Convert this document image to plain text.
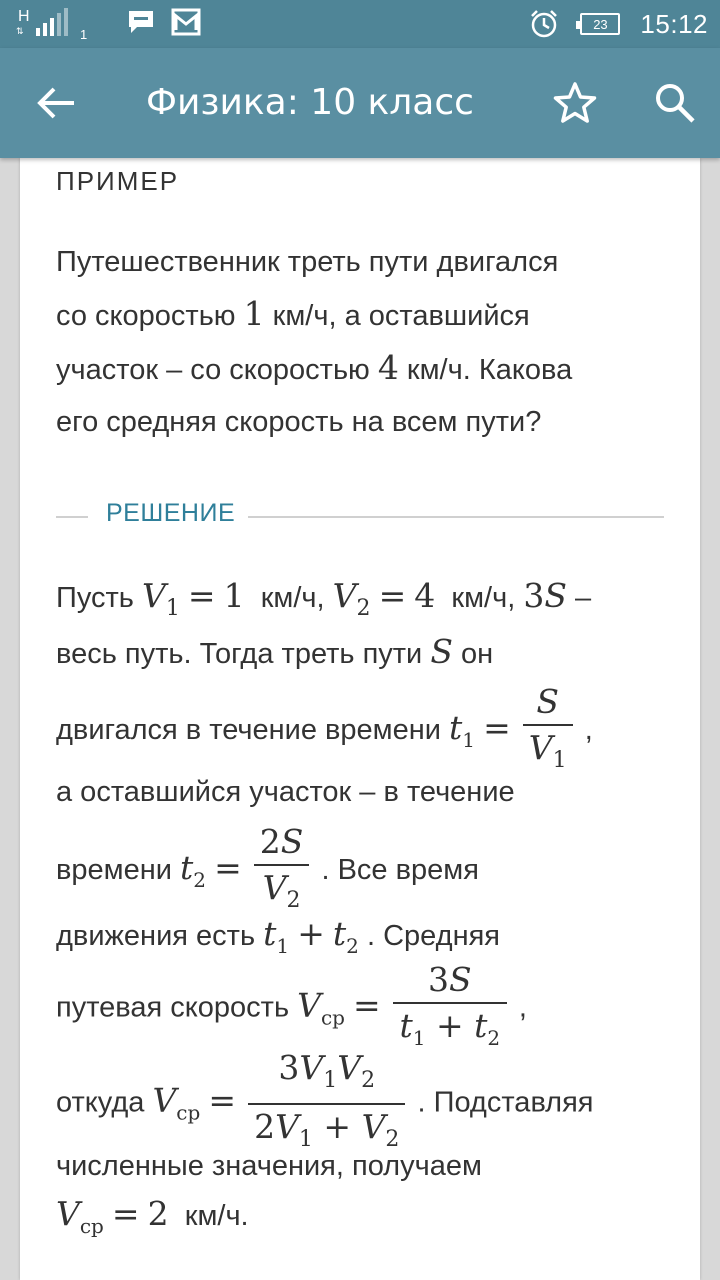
H
⇅	1
23 15:12
Физика: 10 класс
ПРИМЕР
Путешественник треть пути двигался
со скоростью 1 км/ч, а оставшийся
участок – со скоростью 4 км/ч. Какова
его средняя скорость на всем пути?
РЕШЕНИЕ
Пусть $V_1 = 1$ км/ч, $V_2 = 4$ км/ч, 3S –
весь путь. Тогда треть пути S он
двигался в течение времени $t_1 = \frac{S}{V_1}$ ,
а оставшийся участок – в течение
времени $t_2 = \frac{2S}{V_2}$ . Все время
движения есть $t_1 + t_2$ . Средняя
путевая скорость $V_{ср} = \frac{3S}{t_1 + t_2}$ ,
откуда $V_{ср} = \frac{3V_1V_2}{2V_1 + V_2}$ . Подставляя
численные значения, получаем
$V_{ср} = 2$ км/ч.
